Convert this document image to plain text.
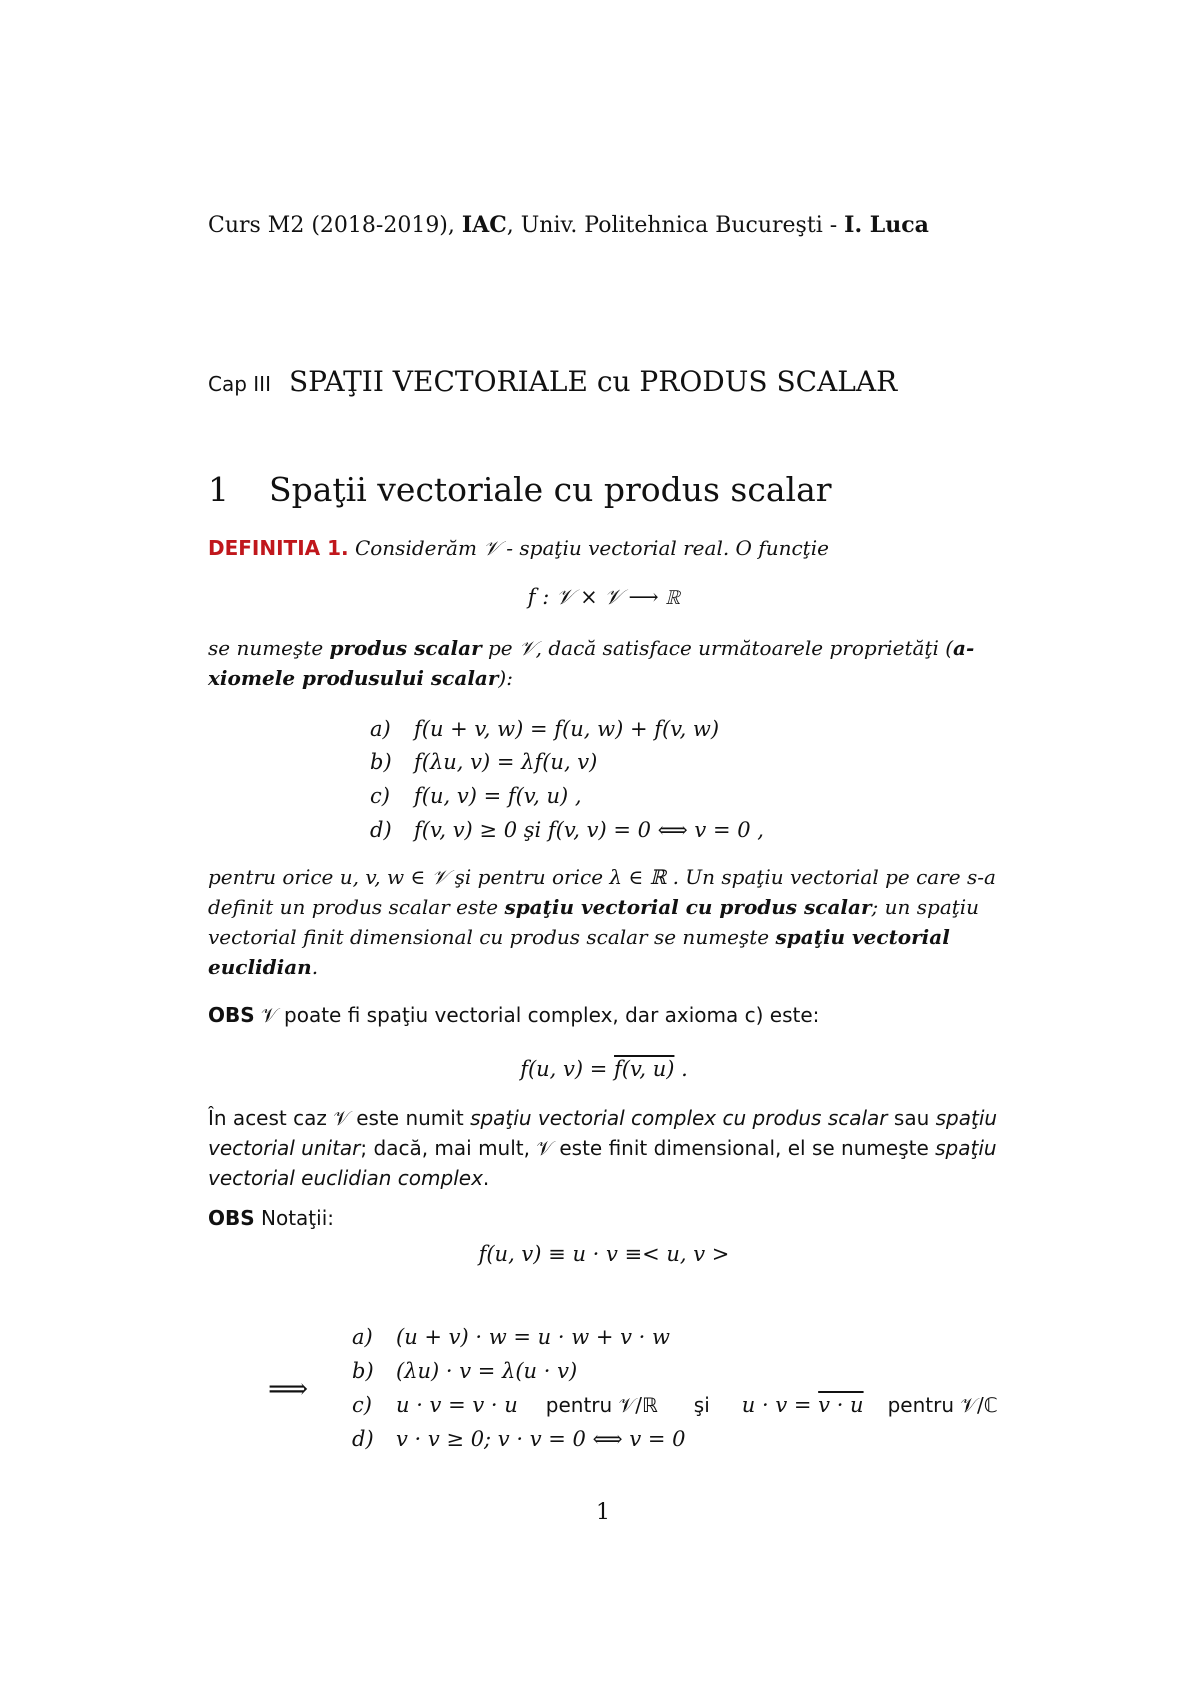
Curs M2 (2018-2019), IAC, Univ. Politehnica Bucureşti - I. Luca
Cap III SPAŢII VECTORIALE cu PRODUS SCALAR
1 Spaţii vectoriale cu produs scalar
DEFINITIA 1. Considerăm 𝒱 - spaţiu vectorial real. O funcţie
f : 𝒱 × 𝒱 ⟶ ℝ
se numeşte produs scalar pe 𝒱, dacă satisface următoarele proprietăţi (a-xiomele produsului scalar):
a) f(u + v, w) = f(u, w) + f(v, w)
b) f(λu, v) = λf(u, v)
c) f(u, v) = f(v, u) ,
d) f(v, v) ≥ 0 şi f(v, v) = 0 ⟺ v = 0 ,
pentru orice u, v, w ∈ 𝒱 şi pentru orice λ ∈ ℝ . Un spaţiu vectorial pe care s-a definit un produs scalar este spaţiu vectorial cu produs scalar; un spaţiu vectorial finit dimensional cu produs scalar se numeşte spaţiu vectorial euclidian.
OBS 𝒱 poate fi spaţiu vectorial complex, dar axioma c) este:
f(u, v) = f(v, u) .
În acest caz 𝒱 este numit spaţiu vectorial complex cu produs scalar sau spaţiu vectorial unitar; dacă, mai mult, 𝒱 este finit dimensional, el se numeşte spaţiu vectorial euclidian complex.
OBS Notaţii:
f(u, v) ≡ u · v ≡< u, v >
⟹
a) (u + v) · w = u · w + v · w
b) (λu) · v = λ(u · v)
c) u · v = v · u pentru 𝒱/ℝ şi u · v = v · u pentru 𝒱/ℂ
d) v · v ≥ 0; v · v = 0 ⟺ v = 0
1
